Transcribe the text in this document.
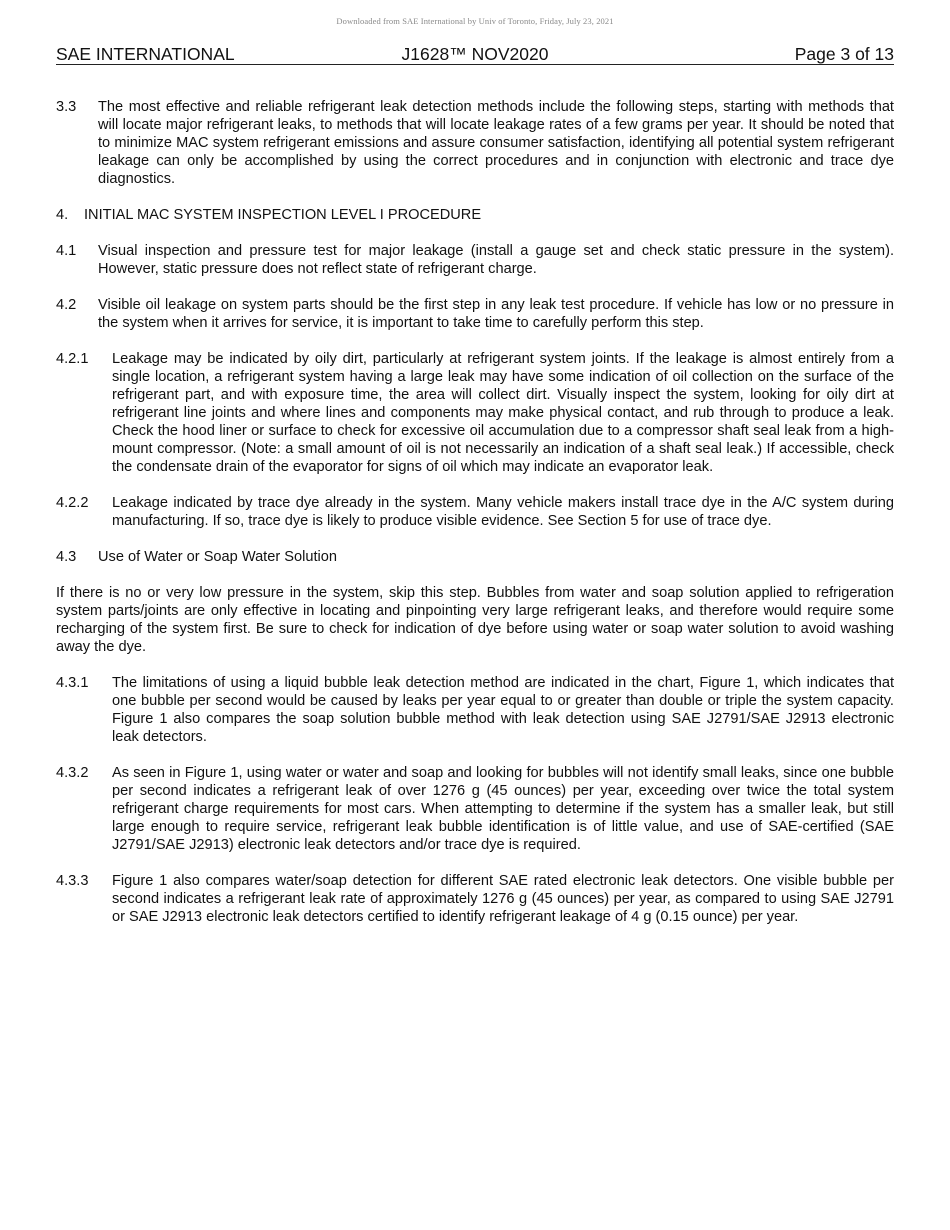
Downloaded from SAE International by Univ of Toronto, Friday, July 23, 2021
SAE INTERNATIONAL	J1628™ NOV2020	Page 3 of 13
3.3 The most effective and reliable refrigerant leak detection methods include the following steps, starting with methods that will locate major refrigerant leaks, to methods that will locate leakage rates of a few grams per year. It should be noted that to minimize MAC system refrigerant emissions and assure consumer satisfaction, identifying all potential system refrigerant leakage can only be accomplished by using the correct procedures and in conjunction with electronic and trace dye diagnostics.
4. INITIAL MAC SYSTEM INSPECTION LEVEL I PROCEDURE
4.1 Visual inspection and pressure test for major leakage (install a gauge set and check static pressure in the system). However, static pressure does not reflect state of refrigerant charge.
4.2 Visible oil leakage on system parts should be the first step in any leak test procedure. If vehicle has low or no pressure in the system when it arrives for service, it is important to take time to carefully perform this step.
4.2.1 Leakage may be indicated by oily dirt, particularly at refrigerant system joints. If the leakage is almost entirely from a single location, a refrigerant system having a large leak may have some indication of oil collection on the surface of the refrigerant part, and with exposure time, the area will collect dirt. Visually inspect the system, looking for oily dirt at refrigerant line joints and where lines and components may make physical contact, and rub through to produce a leak. Check the hood liner or surface to check for excessive oil accumulation due to a compressor shaft seal leak from a high-mount compressor. (Note: a small amount of oil is not necessarily an indication of a shaft seal leak.) If accessible, check the condensate drain of the evaporator for signs of oil which may indicate an evaporator leak.
4.2.2 Leakage indicated by trace dye already in the system. Many vehicle makers install trace dye in the A/C system during manufacturing. If so, trace dye is likely to produce visible evidence. See Section 5 for use of trace dye.
4.3 Use of Water or Soap Water Solution
If there is no or very low pressure in the system, skip this step. Bubbles from water and soap solution applied to refrigeration system parts/joints are only effective in locating and pinpointing very large refrigerant leaks, and therefore would require some recharging of the system first. Be sure to check for indication of dye before using water or soap water solution to avoid washing away the dye.
4.3.1 The limitations of using a liquid bubble leak detection method are indicated in the chart, Figure 1, which indicates that one bubble per second would be caused by leaks per year equal to or greater than double or triple the system capacity. Figure 1 also compares the soap solution bubble method with leak detection using SAE J2791/SAE J2913 electronic leak detectors.
4.3.2 As seen in Figure 1, using water or water and soap and looking for bubbles will not identify small leaks, since one bubble per second indicates a refrigerant leak of over 1276 g (45 ounces) per year, exceeding over twice the total system refrigerant charge requirements for most cars. When attempting to determine if the system has a smaller leak, but still large enough to require service, refrigerant leak bubble identification is of little value, and use of SAE-certified (SAE J2791/SAE J2913) electronic leak detectors and/or trace dye is required.
4.3.3 Figure 1 also compares water/soap detection for different SAE rated electronic leak detectors. One visible bubble per second indicates a refrigerant leak rate of approximately 1276 g (45 ounces) per year, as compared to using SAE J2791 or SAE J2913 electronic leak detectors certified to identify refrigerant leakage of 4 g (0.15 ounce) per year.
